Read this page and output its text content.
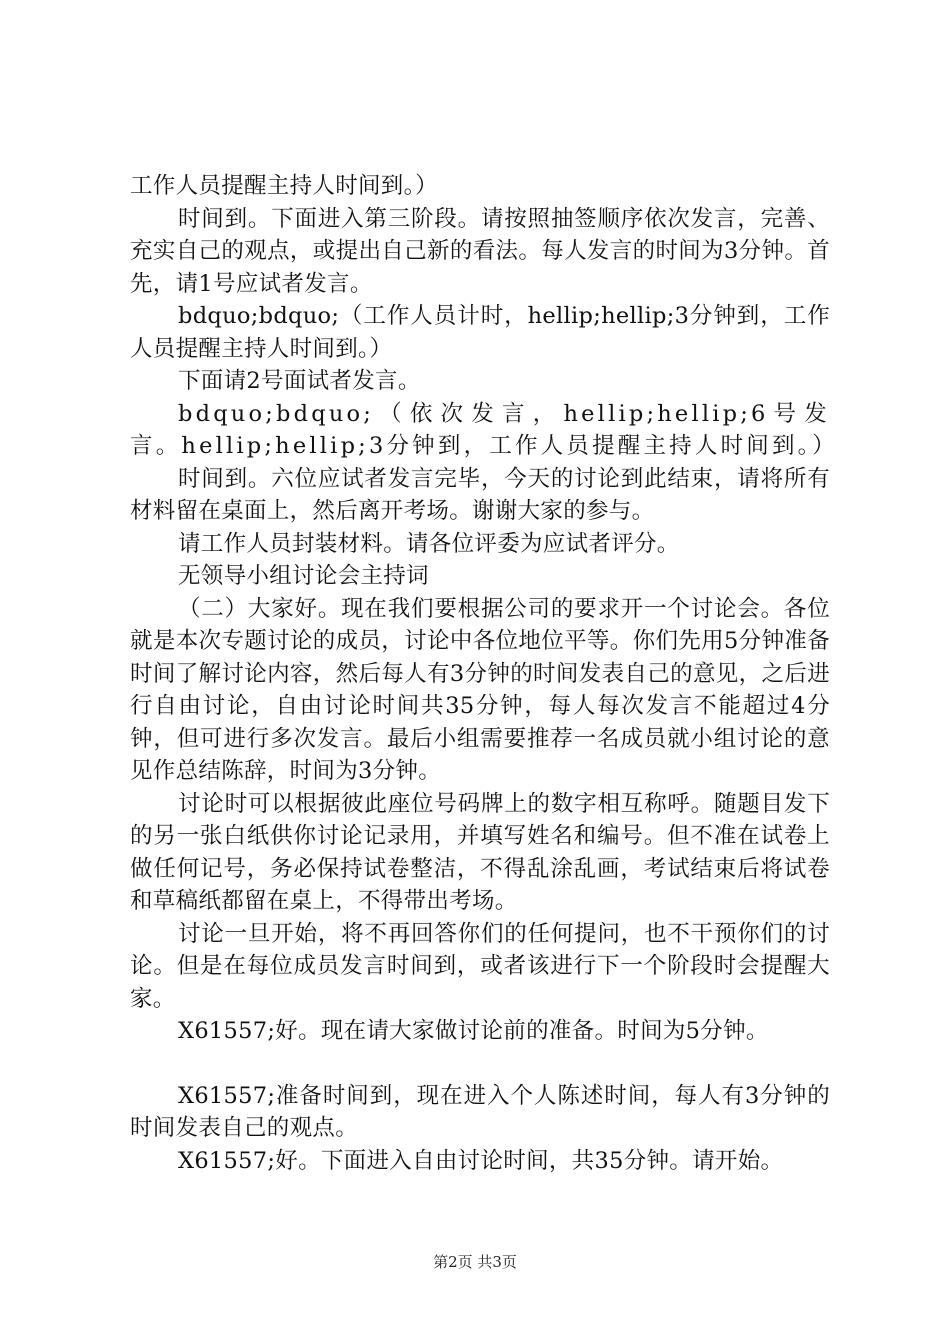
工作人员提醒主持人时间到。）

时间到。下面进入第三阶段。请按照抽签顺序依次发言，完善、充实自己的观点，或提出自己新的看法。每人发言的时间为3分钟。首先，请1号应试者发言。

bdquo;bdquo;（工作人员计时，hellip;hellip;3分钟到，工作人员提醒主持人时间到。）

下面请2号面试者发言。

bdquo;bdquo;（依次发言，hellip;hellip;6号发言。hellip;hellip;3分钟到，工作人员提醒主持人时间到。）

时间到。六位应试者发言完毕，今天的讨论到此结束，请将所有材料留在桌面上，然后离开考场。谢谢大家的参与。

请工作人员封装材料。请各位评委为应试者评分。

无领导小组讨论会主持词

（二）大家好。现在我们要根据公司的要求开一个讨论会。各位就是本次专题讨论的成员，讨论中各位地位平等。你们先用5分钟准备时间了解讨论内容，然后每人有3分钟的时间发表自己的意见，之后进行自由讨论，自由讨论时间共35分钟，每人每次发言不能超过4分钟，但可进行多次发言。最后小组需要推荐一名成员就小组讨论的意见作总结陈辞，时间为3分钟。

讨论时可以根据彼此座位号码牌上的数字相互称呼。随题目发下的另一张白纸供你讨论记录用，并填写姓名和编号。但不准在试卷上做任何记号，务必保持试卷整洁，不得乱涂乱画，考试结束后将试卷和草稿纸都留在桌上，不得带出考场。

讨论一旦开始，将不再回答你们的任何提问，也不干预你们的讨论。但是在每位成员发言时间到，或者该进行下一个阶段时会提醒大家。

X61557;好。现在请大家做讨论前的准备。时间为5分钟。

X61557;准备时间到，现在进入个人陈述时间，每人有3分钟的时间发表自己的观点。

X61557;好。下面进入自由讨论时间，共35分钟。请开始。

第2页 共3页
